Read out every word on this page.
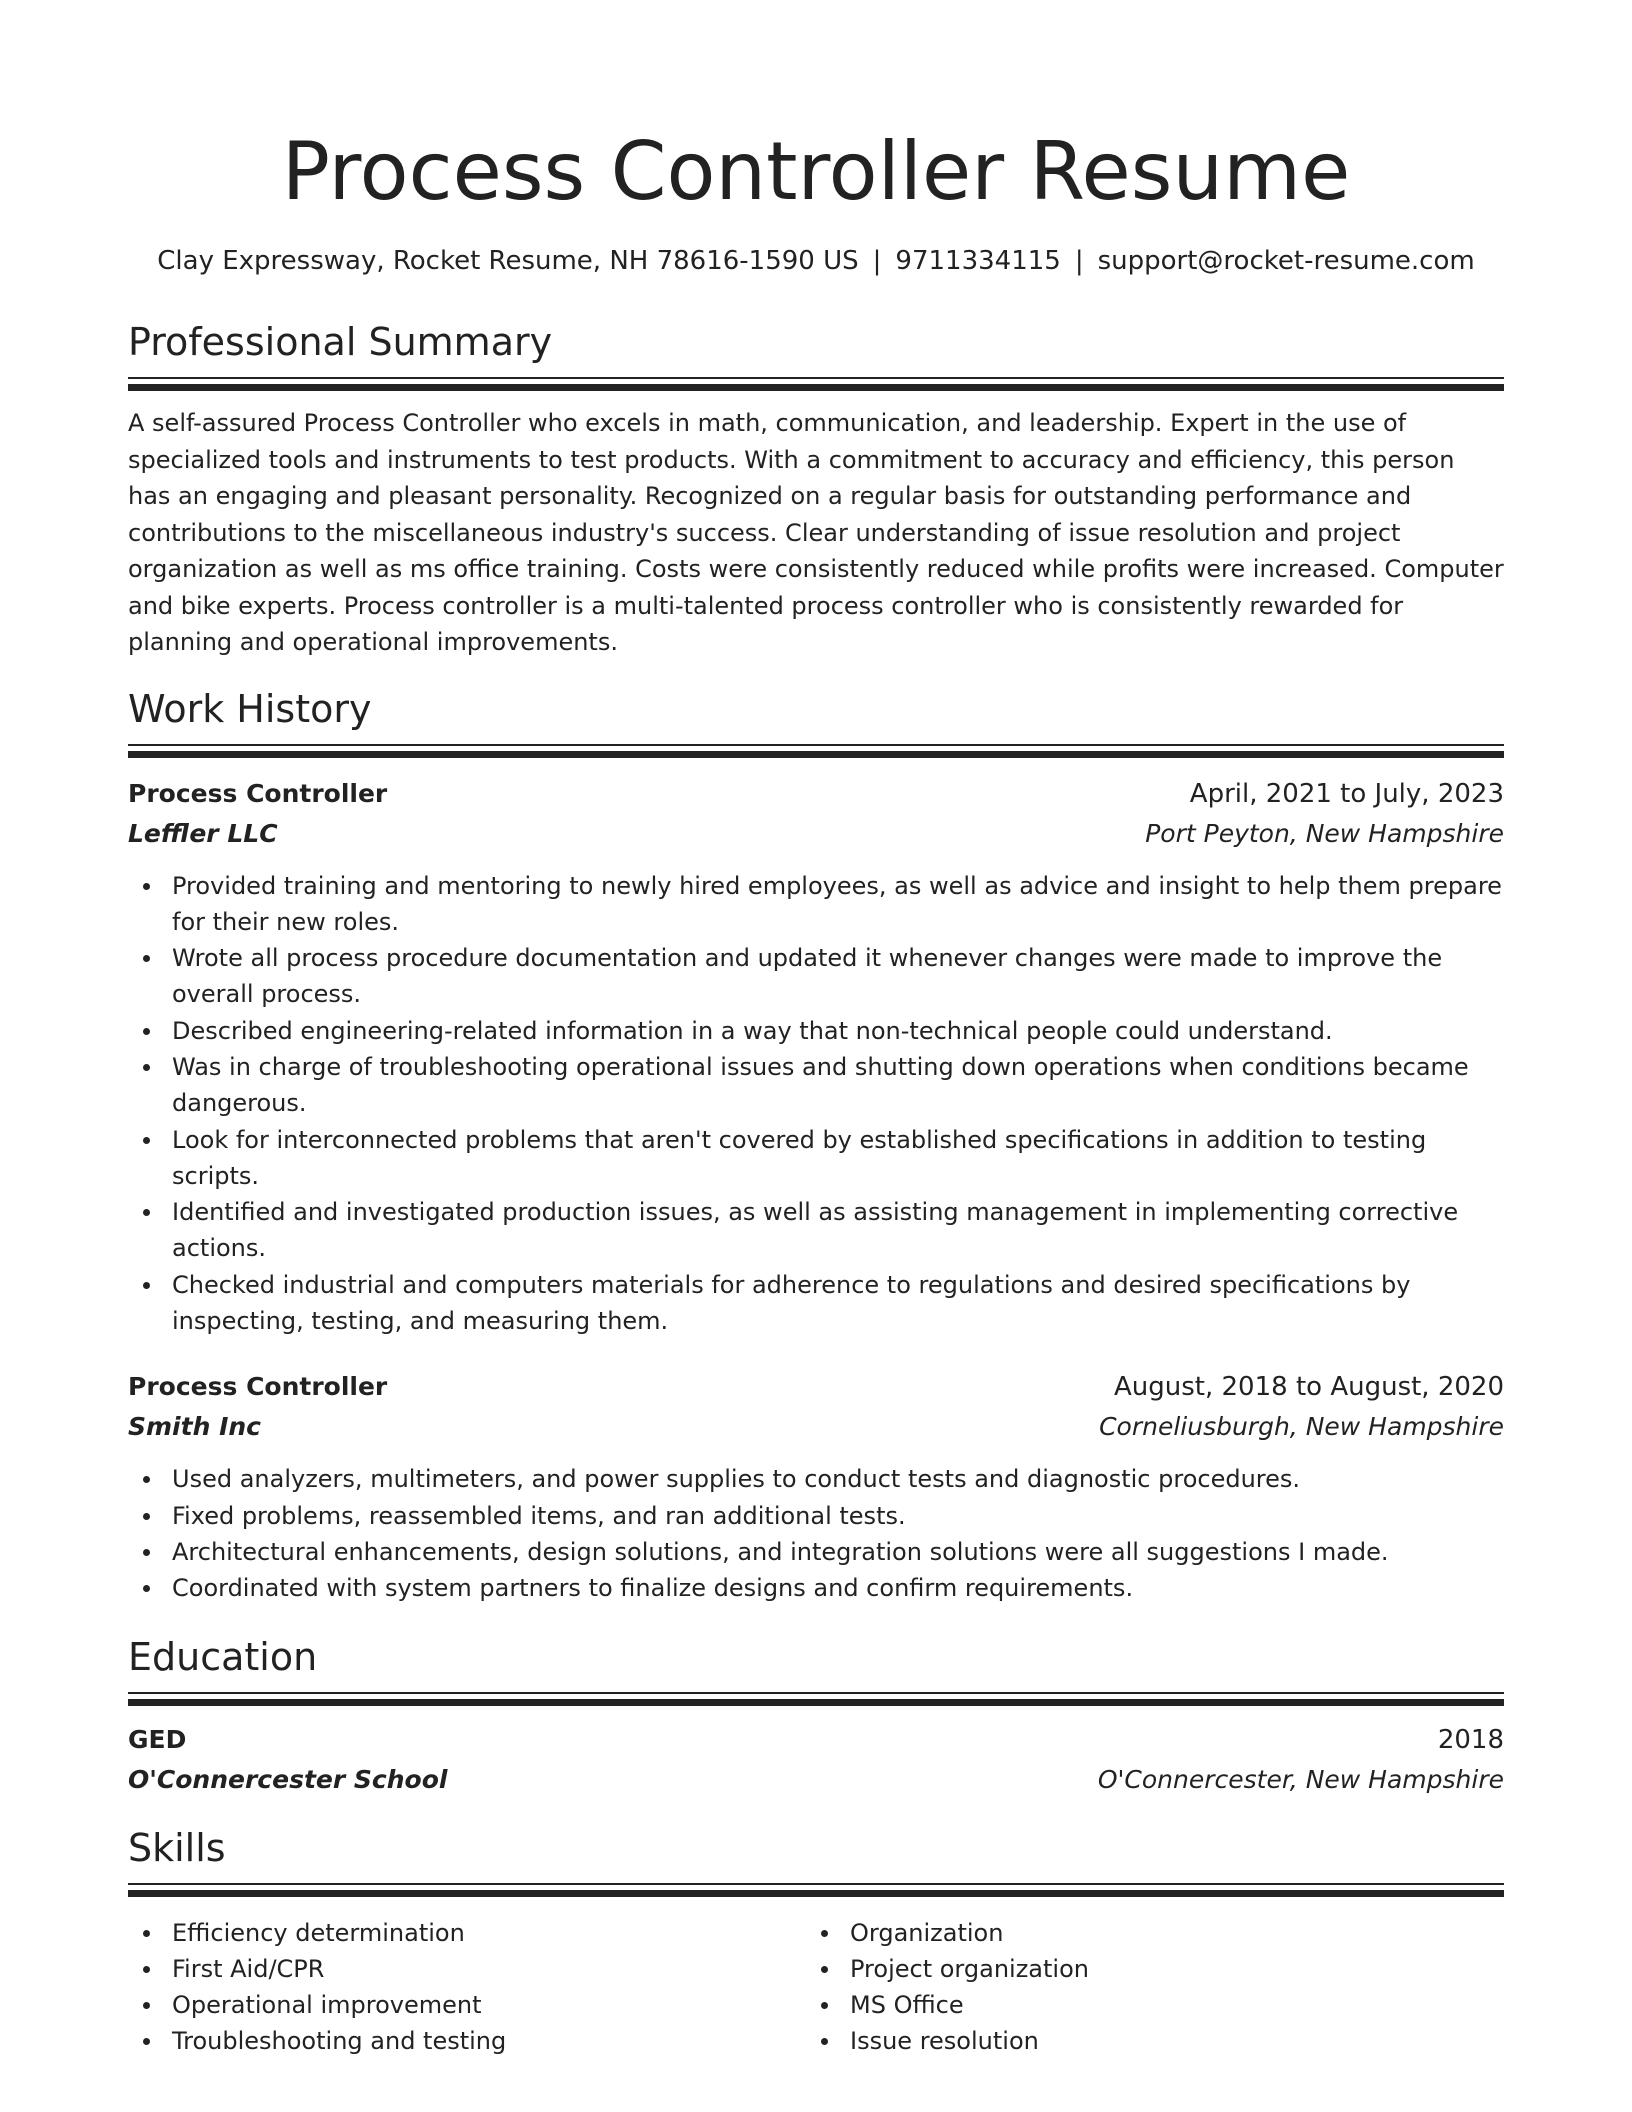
Process Controller Resume
Clay Expressway, Rocket Resume, NH 78616-1590 US | 9711334115 | support@rocket-resume.com
Professional Summary

A self-assured Process Controller who excels in math, communication, and leadership. Expert in the use of specialized tools and instruments to test products. With a commitment to accuracy and efficiency, this person has an engaging and pleasant personality. Recognized on a regular basis for outstanding performance and contributions to the miscellaneous industry's success. Clear understanding of issue resolution and project organization as well as ms office training. Costs were consistently reduced while profits were increased. Computer and bike experts. Process controller is a multi-talented process controller who is consistently rewarded for planning and operational improvements.

Work History
Process Controller	April, 2021 to July, 2023
Leffler LLC	Port Peyton, New Hampshire
Provided training and mentoring to newly hired employees, as well as advice and insight to help them prepare for their new roles.
Wrote all process procedure documentation and updated it whenever changes were made to improve the overall process.
Described engineering-related information in a way that non-technical people could understand.
Was in charge of troubleshooting operational issues and shutting down operations when conditions became dangerous.
Look for interconnected problems that aren't covered by established specifications in addition to testing scripts.
Identified and investigated production issues, as well as assisting management in implementing corrective actions.
Checked industrial and computers materials for adherence to regulations and desired specifications by inspecting, testing, and measuring them.
Process Controller	August, 2018 to August, 2020
Smith Inc	Corneliusburgh, New Hampshire
Used analyzers, multimeters, and power supplies to conduct tests and diagnostic procedures.
Fixed problems, reassembled items, and ran additional tests.
Architectural enhancements, design solutions, and integration solutions were all suggestions I made.
Coordinated with system partners to finalize designs and confirm requirements.
Education
GED	2018
O'Connercester School	O'Connercester, New Hampshire
Skills
Efficiency determination
First Aid/CPR
Operational improvement
Troubleshooting and testing
Organization
Project organization
MS Office
Issue resolution
